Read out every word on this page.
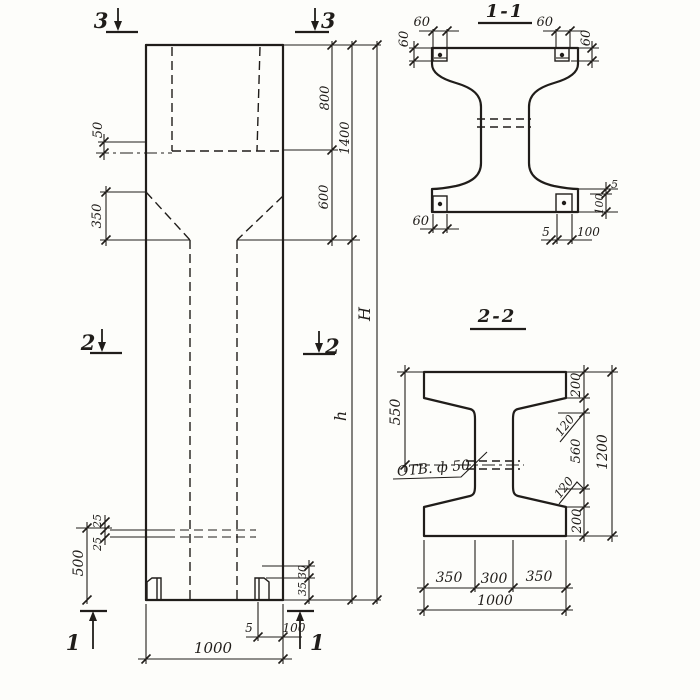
50
350
800
600
1400
h
H
25
25
500	30
35
5 100
1000
3	3
2	2
1	1
1-1
60
60
60
60
60
5 100
5
100
2-2
550
ОТВ. ф 50
200
560
200
1200
120
120
350 300 350
1000
